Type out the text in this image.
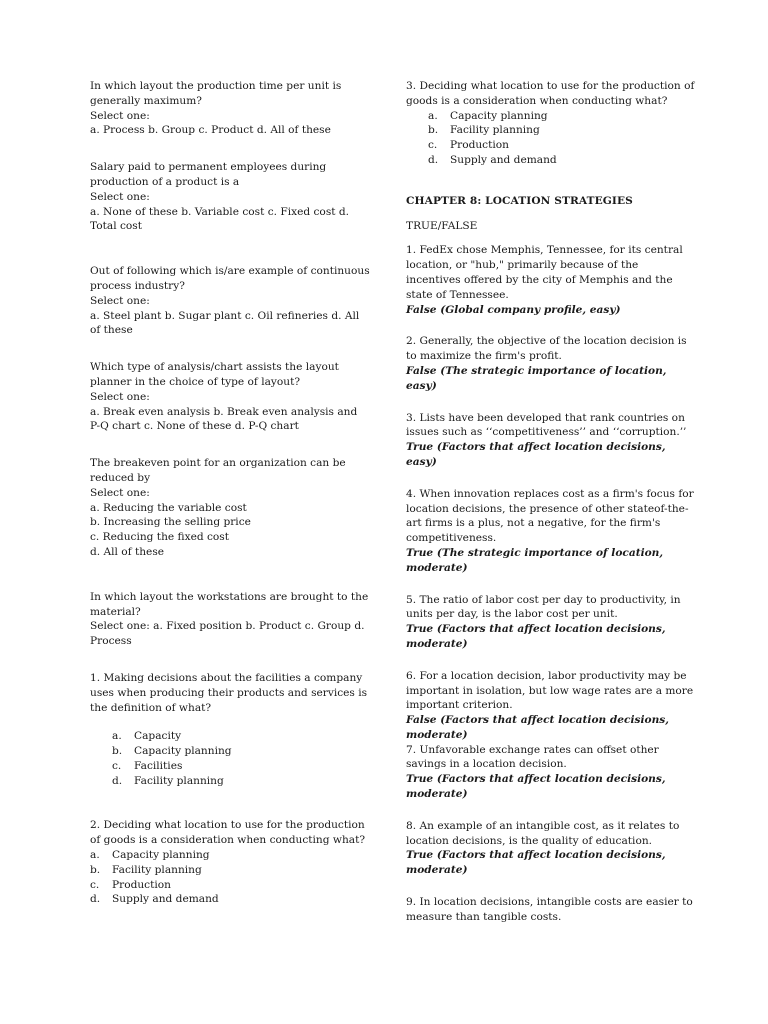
In which layout the production time per unit is generally maximum?

Select one:

a. Process b. Group c. Product d. All of these

Salary paid to permanent employees during production of a product is a

Select one:

a. None of these b. Variable cost c. Fixed cost d. Total cost

Out of following which is/are example of continuous process industry?

Select one:

a. Steel plant b. Sugar plant c. Oil refineries d. All of these

Which type of analysis/chart assists the layout planner in the choice of type of layout?

Select one:

a. Break even analysis b. Break even analysis and P-Q chart c. None of these d. P-Q chart

The breakeven point for an organization can be reduced by

Select one:

a. Reducing the variable cost

b. Increasing the selling price

c. Reducing the fixed cost

d. All of these

In which layout the workstations are brought to the material?

Select one: a. Fixed position b. Product c. Group d. Process

1. Making decisions about the facilities a company uses when producing their products and services is the definition of what?

a.	Capacity
b.	Capacity planning
c.	Facilities
d.	Facility planning

2. Deciding what location to use for the production of goods is a consideration when conducting what?

a.	Capacity planning
b.	Facility planning
c.	Production
d.	Supply and demand

3. Deciding what location to use for the production of goods is a consideration when conducting what?

a.	Capacity planning
b.	Facility planning
c.	Production
d.	Supply and demand

CHAPTER 8: LOCATION STRATEGIES

TRUE/FALSE

1. FedEx chose Memphis, Tennessee, for its central location, or "hub," primarily because of the incentives offered by the city of Memphis and the state of Tennessee.

False (Global company profile, easy)

2. Generally, the objective of the location decision is to maximize the firm's profit.

False (The strategic importance of location, easy)

3. Lists have been developed that rank countries on issues such as ‘‘competitiveness’’ and ‘‘corruption.’’

True (Factors that affect location decisions, easy)

4. When innovation replaces cost as a firm's focus for location decisions, the presence of other stateof-the-art firms is a plus, not a negative, for the firm's competitiveness.

True (The strategic importance of location, moderate)

5. The ratio of labor cost per day to productivity, in units per day, is the labor cost per unit.

True (Factors that affect location decisions, moderate)

6. For a location decision, labor productivity may be important in isolation, but low wage rates are a more important criterion.

False (Factors that affect location decisions, moderate)

7. Unfavorable exchange rates can offset other savings in a location decision.

True (Factors that affect location decisions, moderate)

8. An example of an intangible cost, as it relates to location decisions, is the quality of education.

True (Factors that affect location decisions, moderate)

9. In location decisions, intangible costs are easier to measure than tangible costs.
